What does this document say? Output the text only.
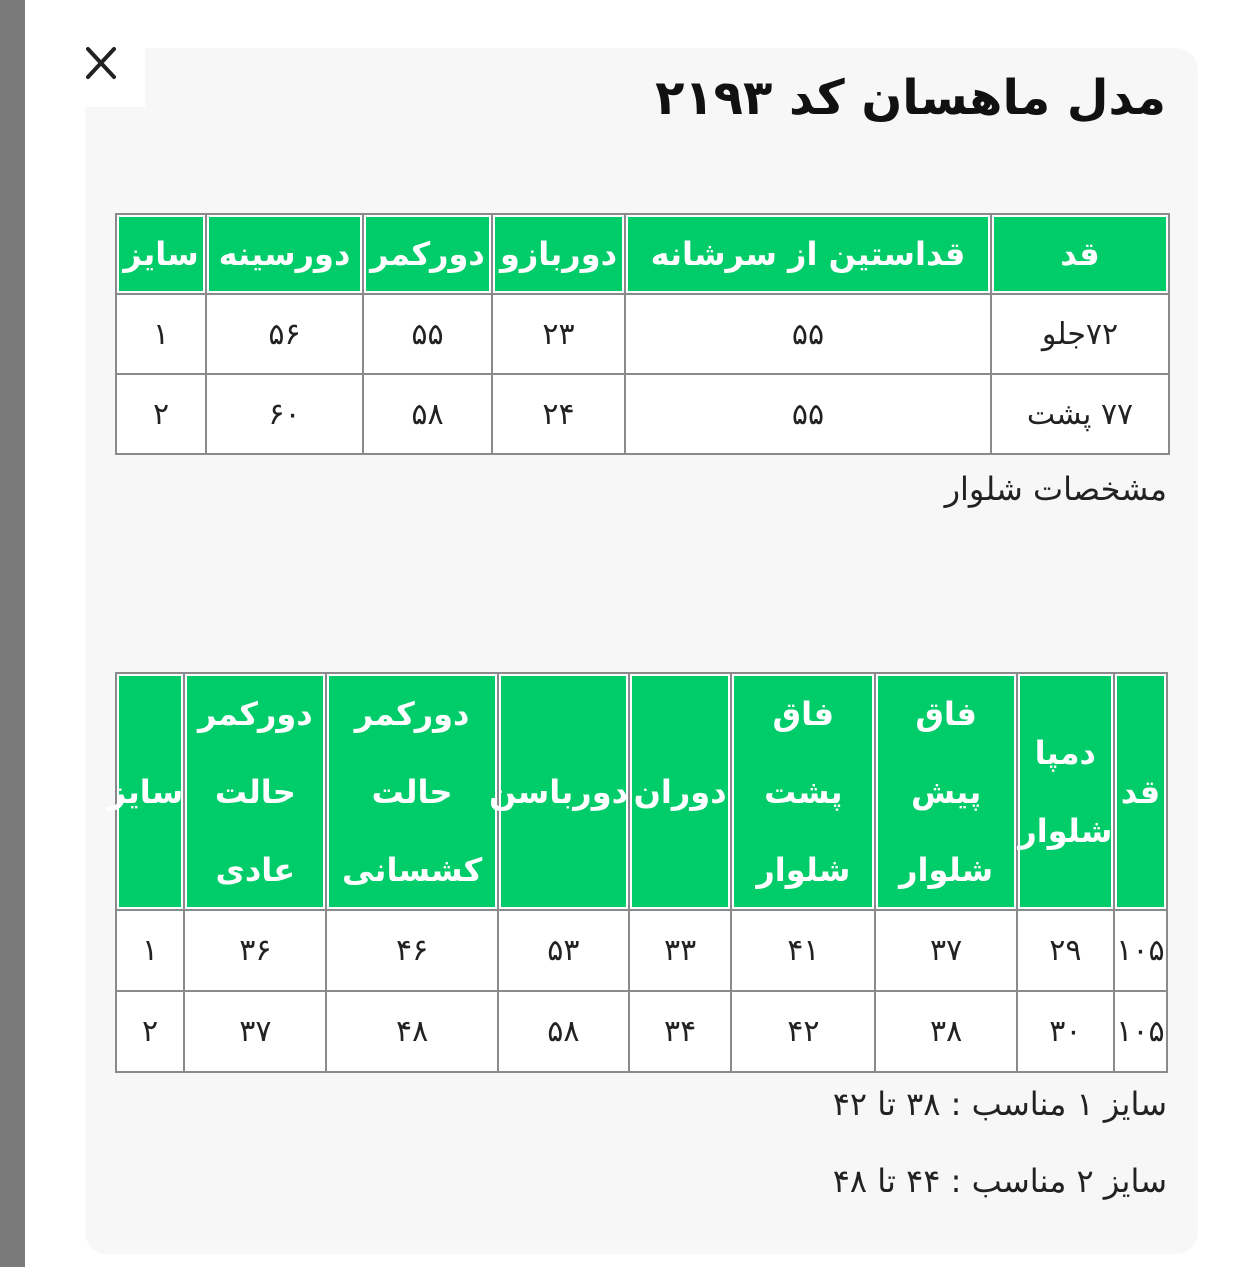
مدل ماهسان کد ۲۱۹۳
قد	قداستین از سرشانه	دوربازو	دورکمر	دورسینه	سایز
۷۲جلو	۵۵	۲۳	۵۵	۵۶	۱
۷۷ پشت	۵۵	۲۴	۵۸	۶۰	۲
مشخصات شلوار
قد	دمپا شلوار	فاق پیش شلوار	فاق پشت شلوار	دوران	دورباسن	دورکمر حالت کشسانی	دورکمر حالت عادی	سایز
۱۰۵	۲۹	۳۷	۴۱	۳۳	۵۳	۴۶	۳۶	۱
۱۰۵	۳۰	۳۸	۴۲	۳۴	۵۸	۴۸	۳۷	۲
سایز ۱ مناسب : ۳۸ تا ۴۲
سایز ۲ مناسب : ۴۴ تا ۴۸
